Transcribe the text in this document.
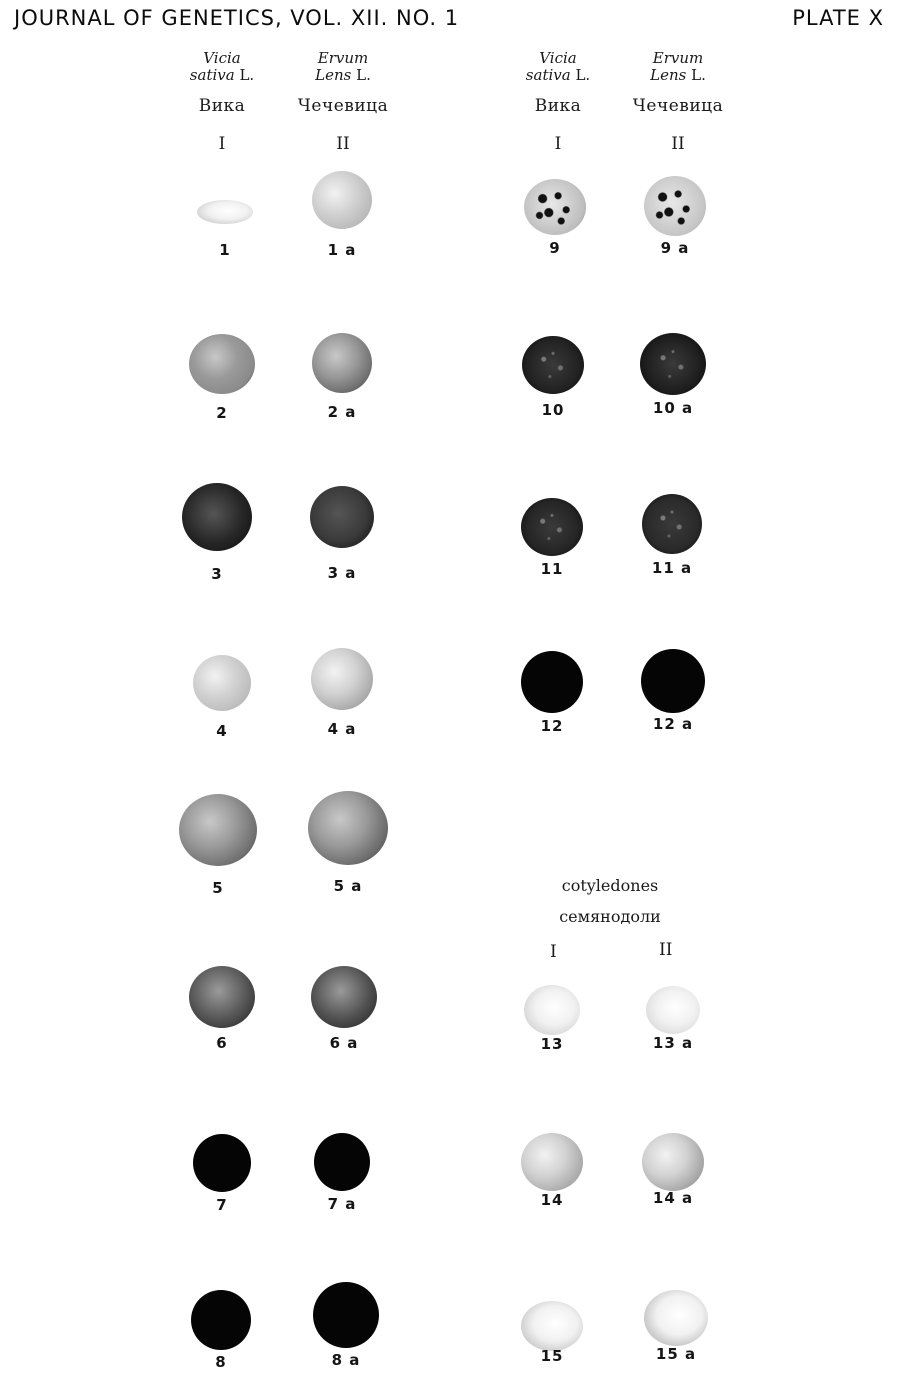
JOURNAL OF GENETICS, VOL. XII. NO. 1	PLATE X
Vicia
sativa L.
Вика
I
Ervum
Lens L.
Чечевица
II
Vicia
sativa L.
Вика
I
Ervum
Lens L.
Чечевица
II
cotyledones
семянодоли
I	II
1	1 a	9	9 a
2	2 a	10	10 a
3	3 a	11	11 a
4	4 a	12	12 a
5	5 a
6	6 a	13	13 a
7	7 a	14	14 a
8	8 a	15	15 a
